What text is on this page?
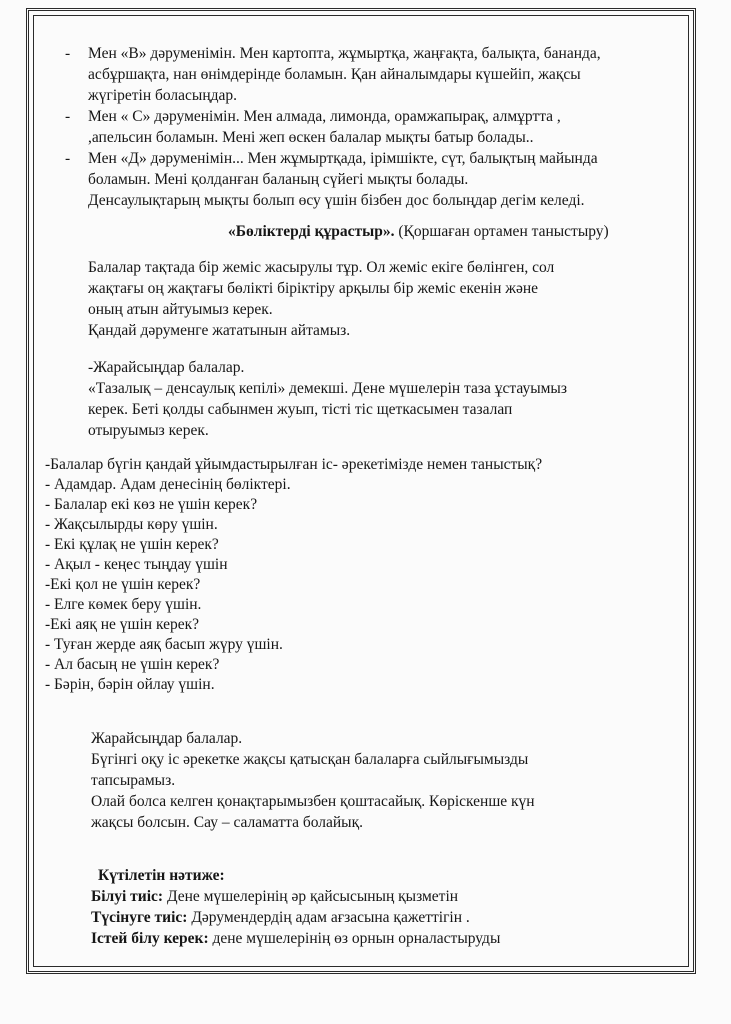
- Мен «В» дәруменімін. Мен картопта, жұмыртқа, жаңғақта, балықта, бананда,
асбұршақта, нан өнімдерінде боламын. Қан айналымдары күшейіп, жақсы
жүгіретін боласыңдар.
- Мен « С» дәруменімін. Мен алмада, лимонда, орамжапырақ, алмұртта ,
,апельсин боламын. Мені жеп өскен балалар мықты батыр болады..
- Мен «Д» дәруменімін... Мен жұмыртқада, ірімшікте, сүт, балықтың майында
боламын. Мені қолданған баланың сүйегі мықты болады.
Денсаулықтарың мықты болып өсу үшін бізбен дос болыңдар дегім келеді.
«Бөліктерді құрастыр». (Қоршаған ортамен таныстыру)
Балалар тақтада бір жеміс жасырулы тұр. Ол жеміс екіге бөлінген, сол
жақтағы оң жақтағы бөлікті біріктіру арқылы бір жеміс екенін және
оның атын айтуымыз керек.
Қандай дәруменге жататынын айтамыз.
-Жарайсыңдар балалар.
«Тазалық – денсаулық кепілі» демекші. Дене мүшелерін таза ұстауымыз
керек. Беті қолды сабынмен жуып, тісті тіс щеткасымен тазалап
отыруымыз керек.
-Балалар бүгін қандай ұйымдастырылған іс- әрекетімізде немен таныстық?
- Адамдар. Адам денесінің бөліктері.
- Балалар екі көз не үшін керек?
- Жақсылырды көру үшін.
- Екі құлақ не үшін керек?
- Ақыл - кеңес тыңдау үшін
-Екі қол не үшін керек?
- Елге көмек беру үшін.
-Екі аяқ не үшін керек?
- Туған жерде аяқ басып жүру үшін.
- Ал басың не үшін керек?
- Бәрін, бәрін ойлау үшін.
Жарайсыңдар балалар.
Бүгінгі оқу іс әрекетке жақсы қатысқан балаларға сыйлығымызды
тапсырамыз.
Олай болса келген қонақтарымызбен қоштасайық. Көріскенше күн
жақсы болсын. Сау – саламатта болайық.
Күтілетін нәтиже:
Білуі тиіс: Дене мүшелерінің әр қайсысының қызметін
Түсінуге тиіс: Дәрумендердің адам ағзасына қажеттігін .
Істей білу керек: дене мүшелерінің өз орнын орналастыруды
